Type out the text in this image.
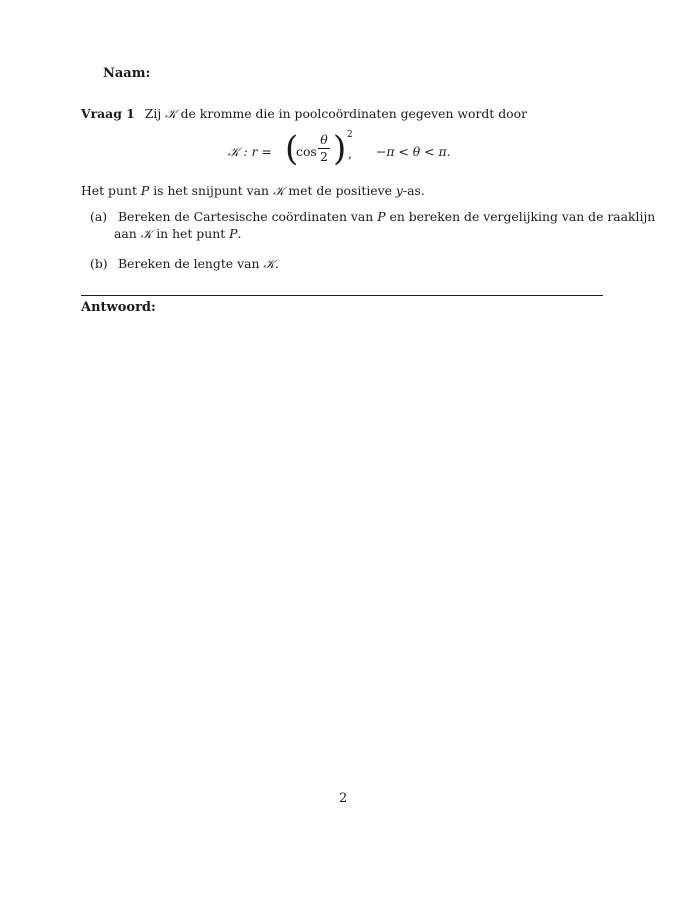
Naam:
Vraag 1 Zij 𝒦 de kromme die in poolcoördinaten gegeven wordt door
𝒦 : r = (
cos
θ
2 ) 2
, −π < θ < π.
Het punt P is het snijpunt van 𝒦 met de positieve y-as.
(a) Bereken de Cartesische coördinaten van P en bereken de vergelijking van de raaklijn
aan 𝒦 in het punt P.
(b) Bereken de lengte van 𝒦.
Antwoord:
2
